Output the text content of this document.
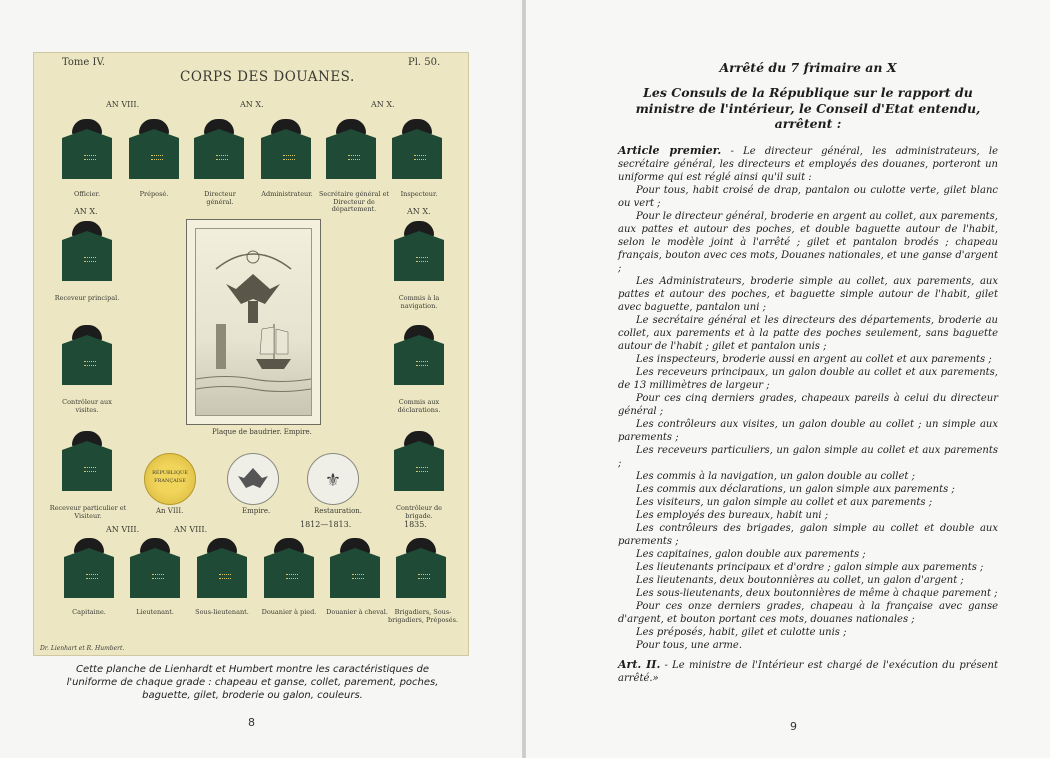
Tome IV.	Pl. 50.
CORPS DES DOUANES.
AN VIII.	AN X.	AN X.
Officier.	Préposé.	Directeur général.
Administrateur. Secrétaire général et Directeur de département.
Inspecteur.
AN X.	AN X.
Receveur principal.
Contrôleur aux visites.
Receveur particulier et Visiteur.
Commis à la navigation.
Commis aux déclarations.
Contrôleur de brigade.
Plaque de baudrier. Empire.
RÉPUBLIQUE FRANÇAISE	⚜
An VIII.	Empire.	Restauration.
AN VIII.	AN VIII.
1812—1813.	1835.
Capitaine.	Lieutenant.	Sous-lieutenant.	Douanier à pied.	Douanier à cheval.	Brigadiers, Sous-brigadiers, Préposés.
Dr. Lienhart et R. Humbert.
Cette planche de Lienhardt et Humbert montre les caractéristiques de l'uniforme de chaque grade : chapeau et ganse, collet, parement, poches, baguette, gilet, broderie ou galon, couleurs.
8
Arrêté du 7 frimaire an X
Les Consuls de la République sur le rapport du ministre de l'intérieur, le Conseil d'Etat entendu, arrêtent :

Article premier. - Le directeur général, les administrateurs, le secrétaire général, les directeurs et employés des douanes, porteront un uniforme qui est réglé ainsi qu'il suit :

Pour tous, habit croisé de drap, pantalon ou culotte verte, gilet blanc ou vert ;

Pour le directeur général, broderie en argent au collet, aux parements, aux pattes et autour des poches, et double baguette autour de l'habit, selon le modèle joint à l'arrêté ; gilet et pantalon brodés ; chapeau français, bouton avec ces mots, Douanes nationales, et une ganse d'argent ;

Les Administrateurs, broderie simple au collet, aux parements, aux pattes et autour des poches, et baguette simple autour de l'habit, gilet avec baguette, pantalon uni ;

Le secrétaire général et les directeurs des départements, broderie au collet, aux parements et à la patte des poches seulement, sans baguette autour de l'habit ; gilet et pantalon unis ;

Les inspecteurs, broderie aussi en argent au collet et aux parements ;

Les receveurs principaux, un galon double au collet et aux parements, de 13 millimètres de largeur ;

Pour ces cinq derniers grades, chapeaux pareils à celui du directeur général ;

Les contrôleurs aux visites, un galon double au collet ; un simple aux parements ;

Les receveurs particuliers, un galon simple au collet et aux parements ;

Les commis à la navigation, un galon double au collet ;

Les commis aux déclarations, un galon simple aux parements ;

Les visiteurs, un galon simple au collet et aux parements ;

Les employés des bureaux, habit uni ;

Les contrôleurs des brigades, galon simple au collet et double aux parements ;

Les capitaines, galon double aux parements ;

Les lieutenants principaux et d'ordre ; galon simple aux parements ;

Les lieutenants, deux boutonnières au collet, un galon d'argent ;

Les sous-lieutenants, deux boutonnières de même à chaque parement ;

Pour ces onze derniers grades, chapeau à la française avec ganse d'argent, et bouton portant ces mots, douanes nationales ;

Les préposés, habit, gilet et culotte unis ;

Pour tous, une arme.

Art. II. - Le ministre de l'Intérieur est chargé de l'exécution du présent arrêté.»

9
